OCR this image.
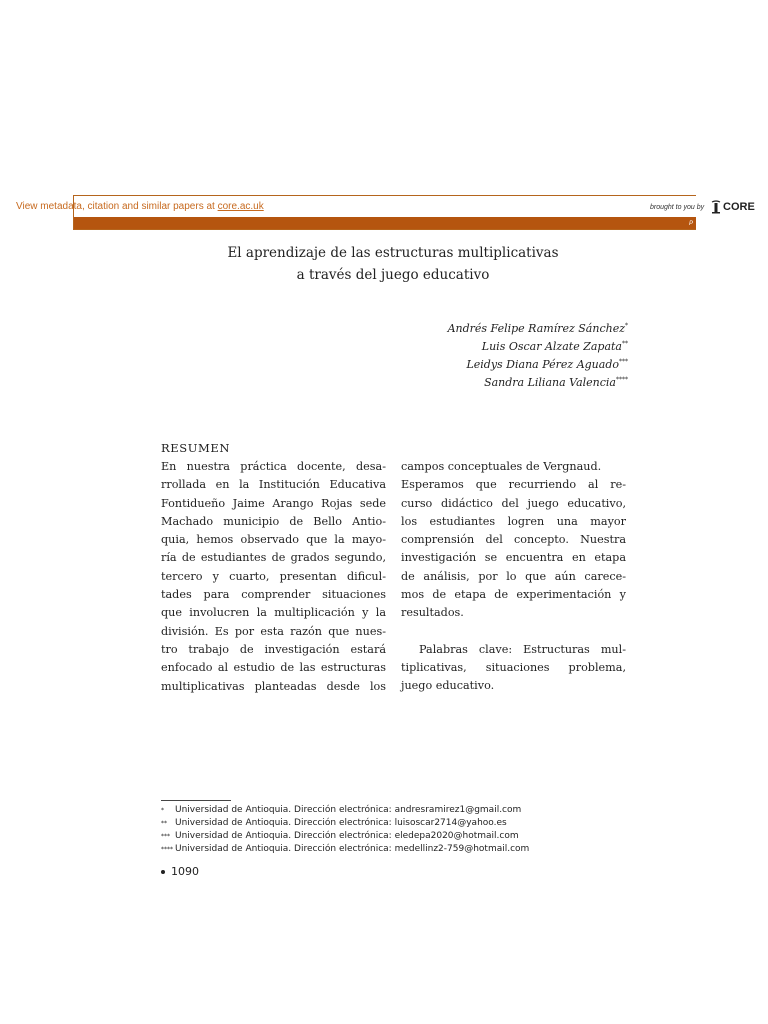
View metadata, citation and similar papers at core.ac.uk	brought to you by CORE
P
El aprendizaje de las estructuras multiplicativas
a través del juego educativo
Andrés Felipe Ramírez Sánchez*
Luis Oscar Alzate Zapata**
Leidys Diana Pérez Aguado***
Sandra Liliana Valencia****
RESUMEN
En nuestra práctica docente, desa-
rrollada en la Institución Educativa
Fontidueño Jaime Arango Rojas sede
Machado municipio de Bello Antio-
quia, hemos observado que la mayo-
ría de estudiantes de grados segundo,
tercero y cuarto, presentan dificul-
tades para comprender situaciones
que involucren la multiplicación y la
división. Es por esta razón que nues-
tro trabajo de investigación estará
enfocado al estudio de las estructuras
multiplicativas planteadas desde los
campos conceptuales de Vergnaud.
Esperamos que recurriendo al re-
curso didáctico del juego educativo,
los estudiantes logren una mayor
comprensión del concepto. Nuestra
investigación se encuentra en etapa
de análisis, por lo que aún carece-
mos de etapa de experimentación y
resultados.
Palabras clave: Estructuras mul-
tiplicativas, situaciones problema,
juego educativo.
* Universidad de Antioquia. Dirección electrónica: andresramirez1@gmail.com
** Universidad de Antioquia. Dirección electrónica: luisoscar2714@yahoo.es
*** Universidad de Antioquia. Dirección electrónica: eledepa2020@hotmail.com
**** Universidad de Antioquia. Dirección electrónica: medellinz2-759@hotmail.com
1090
